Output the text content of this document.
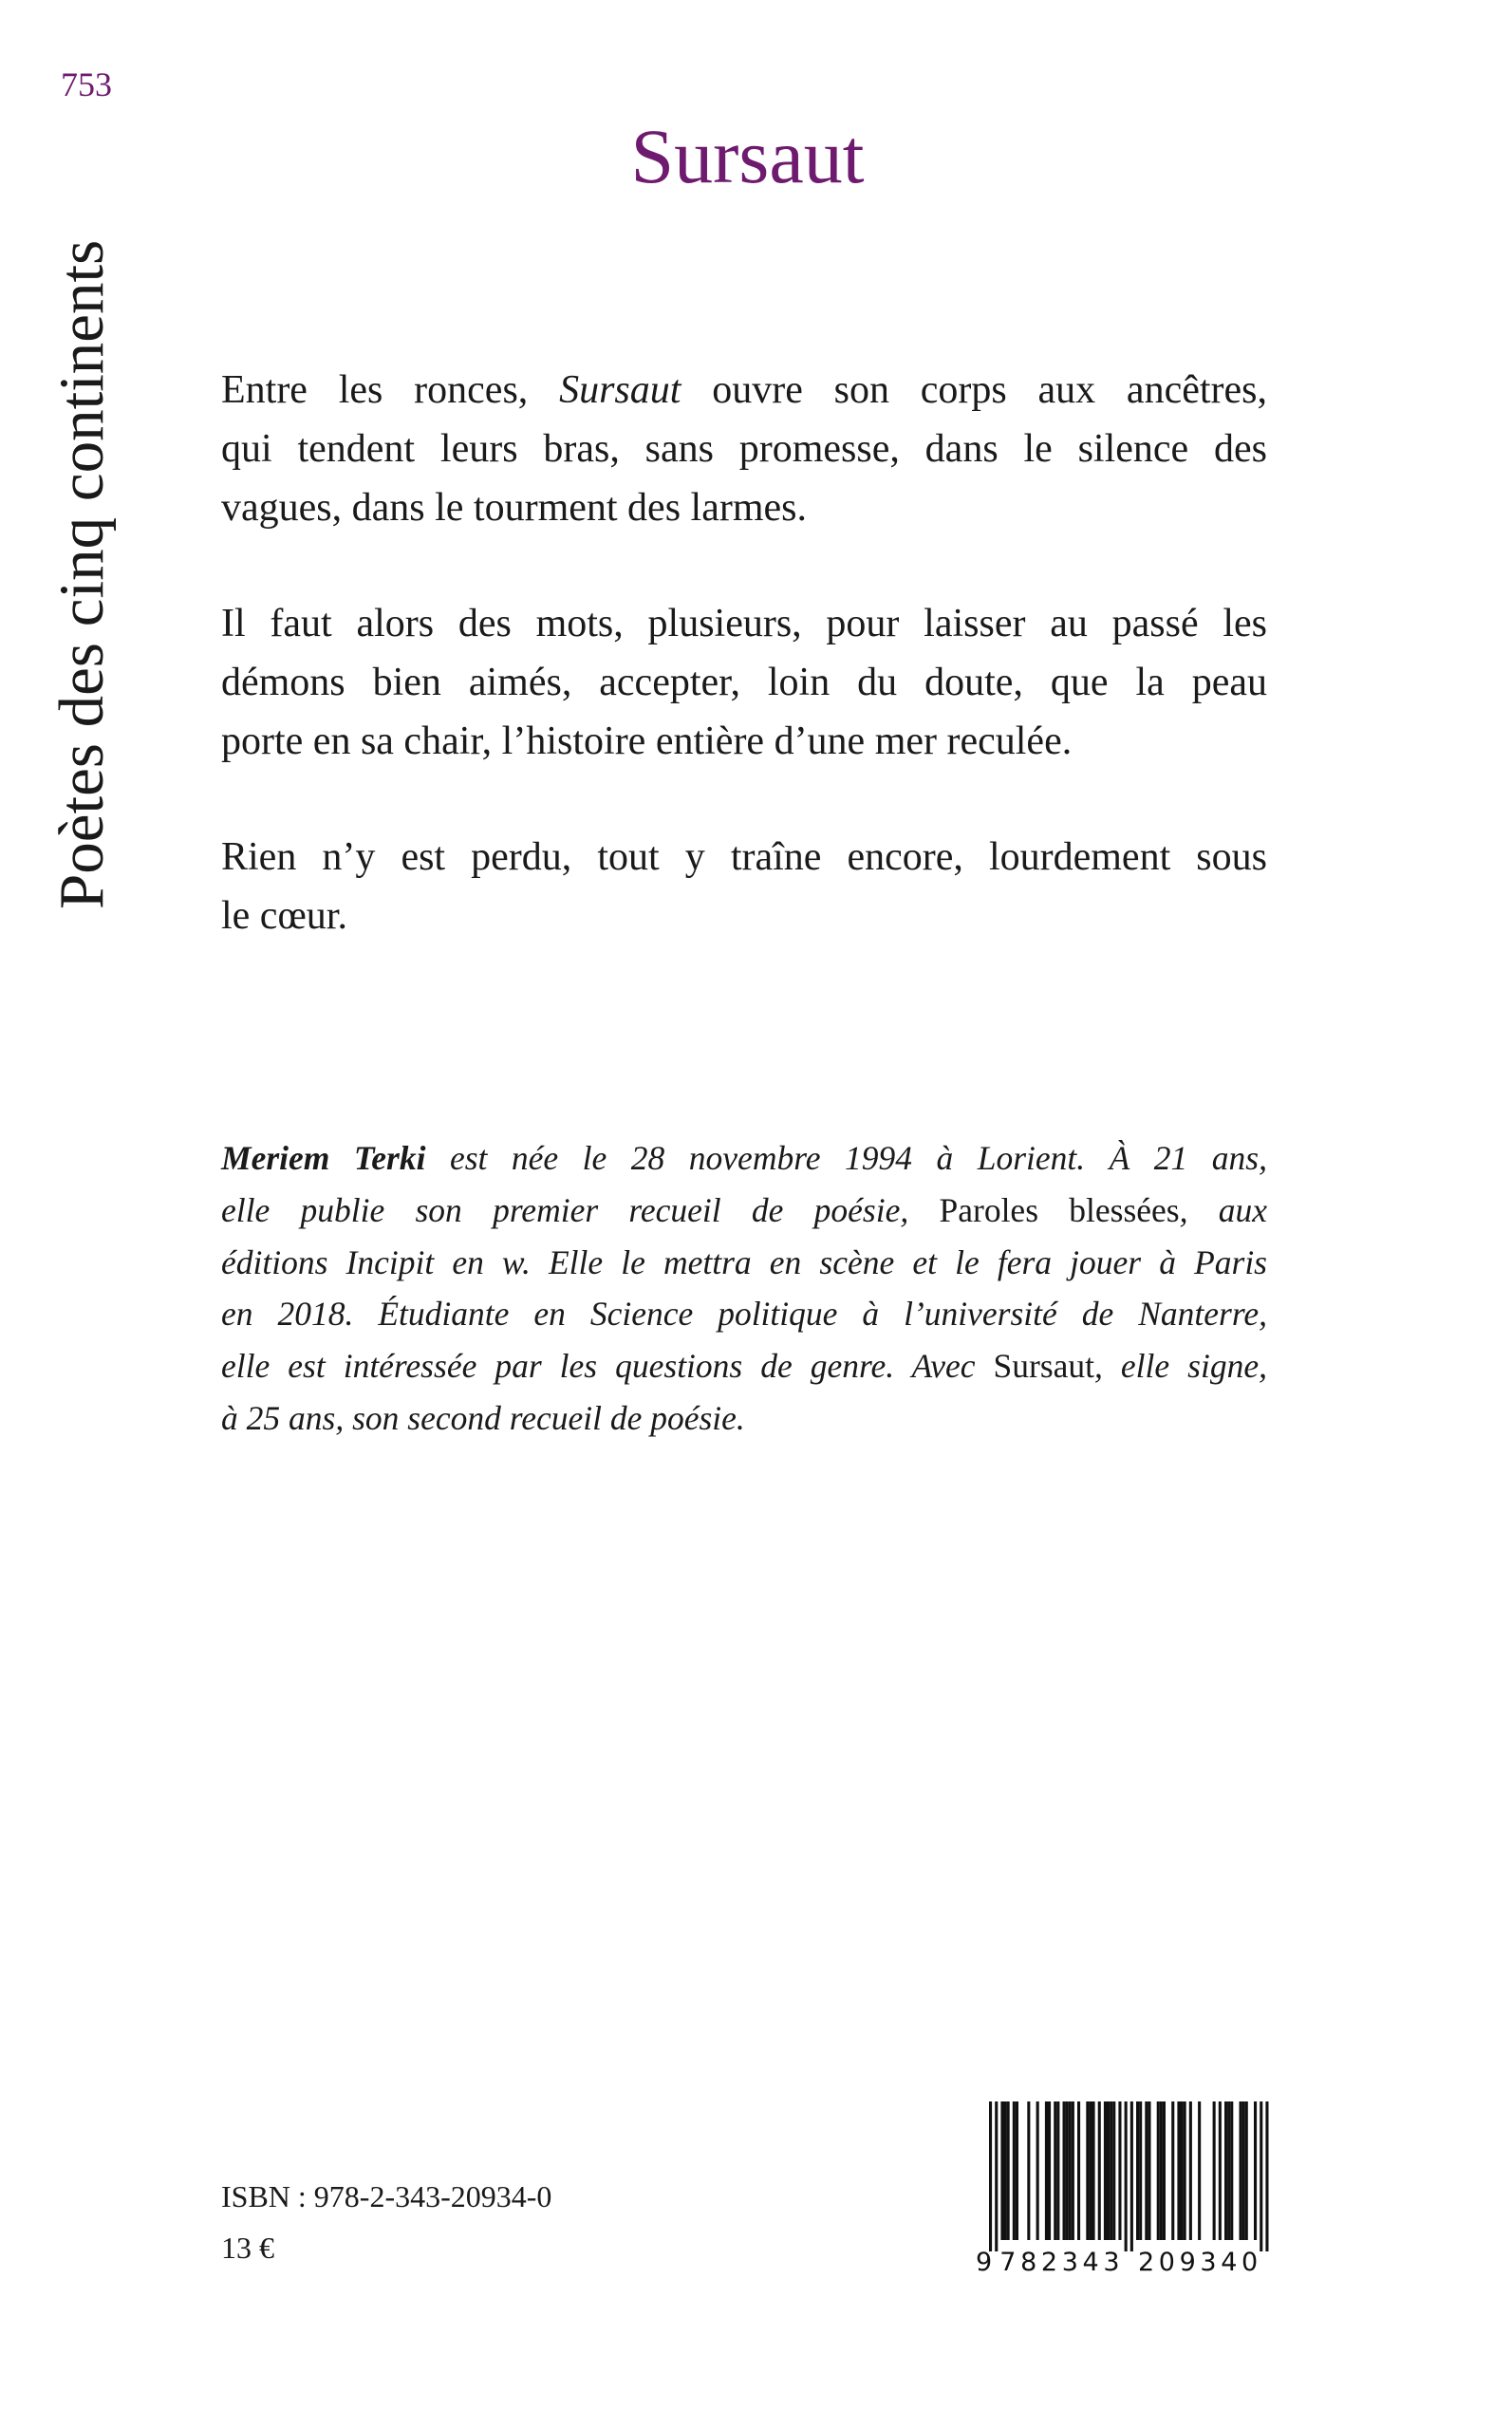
753
Poètes des cinq continents
Sursaut
Entre les ronces, Sursaut ouvre son corps aux ancêtres,
qui tendent leurs bras, sans promesse, dans le silence des
vagues, dans le tourment des larmes.
Il faut alors des mots, plusieurs, pour laisser au passé les
démons bien aimés, accepter, loin du doute, que la peau
porte en sa chair, l’histoire entière d’une mer reculée.
Rien n’y est perdu, tout y traîne encore, lourdement sous
le cœur.
Meriem Terki est née le 28 novembre 1994 à Lorient. À 21 ans,
elle publie son premier recueil de poésie, Paroles blessées, aux
éditions Incipit en w. Elle le mettra en scène et le fera jouer à Paris
en 2018. Étudiante en Science politique à l’université de Nanterre,
elle est intéressée par les questions de genre. Avec Sursaut, elle signe,
à 25 ans, son second recueil de poésie.
ISBN : 978-2-343-20934-0
13 €	9 782343 209340
